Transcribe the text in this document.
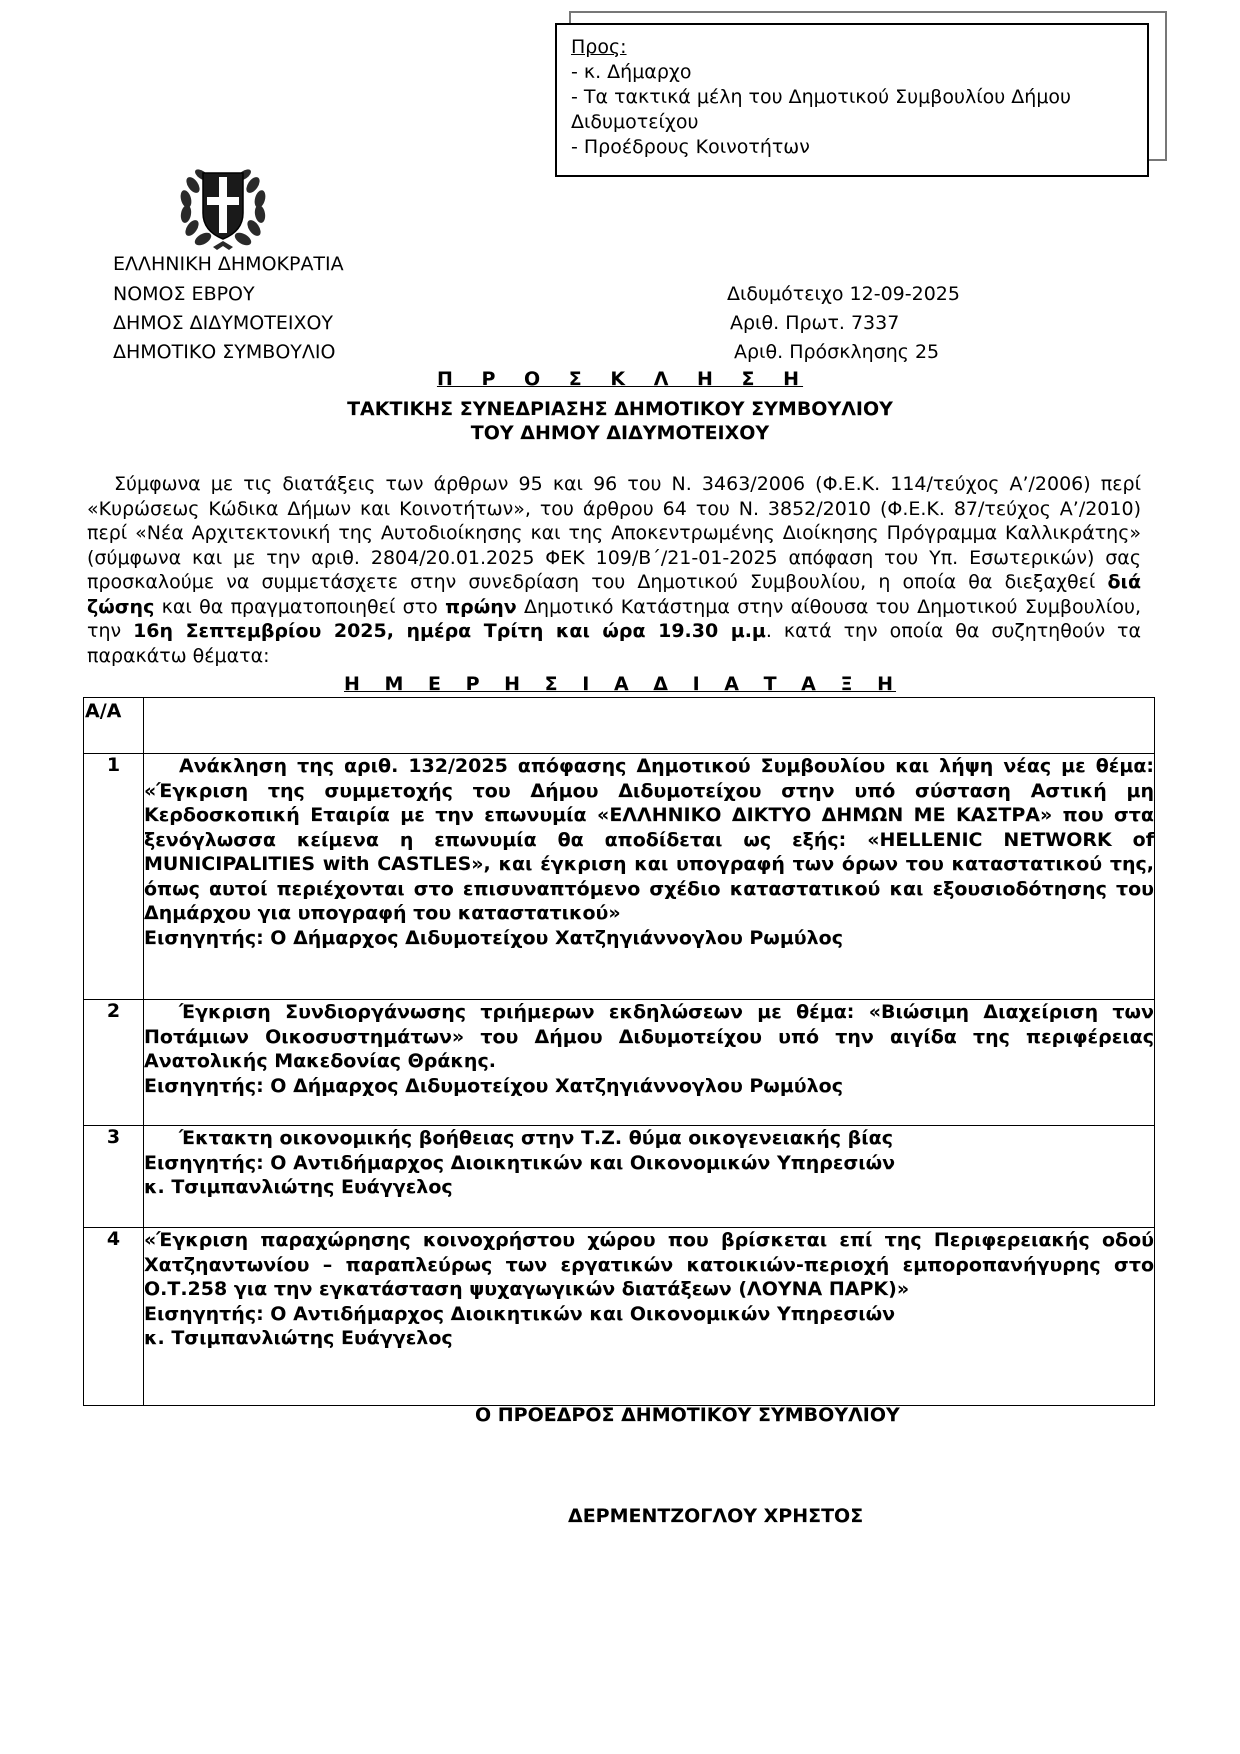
Προς:
- κ. Δήμαρχο
- Τα τακτικά μέλη του Δημοτικού Συμβουλίου Δήμου
Διδυμοτείχου
- Προέδρους Κοινοτήτων
ΕΛΛΗΝΙΚΗ ΔΗΜΟΚΡΑΤΙΑ
ΝΟΜΟΣ ΕΒΡΟΥ
ΔΗΜΟΣ ΔΙΔΥΜΟΤΕΙΧΟΥ
ΔΗΜΟΤΙΚΟ ΣΥΜΒΟΥΛΙΟ
Διδυμότειχο 12-09-2025
Αριθ. Πρωτ. 7337
Αριθ. Πρόσκλησης 25
Π Ρ Ο Σ Κ Λ Η Σ Η
ΤΑΚΤΙΚΗΣ ΣΥΝΕΔΡΙΑΣΗΣ ΔΗΜΟΤΙΚΟΥ ΣΥΜΒΟΥΛΙΟΥ
ΤΟΥ ΔΗΜΟΥ ΔΙΔΥΜΟΤΕΙΧΟΥ
Σύμφωνα με τις διατάξεις των άρθρων 95 και 96 του Ν. 3463/2006 (Φ.Ε.Κ. 114/τεύχος Α’/2006) περί «Κυρώσεως Κώδικα Δήμων και Κοινοτήτων», του άρθρου 64 του Ν. 3852/2010 (Φ.Ε.Κ. 87/τεύχος Α’/2010) περί «Νέα Αρχιτεκτονική της Αυτοδιοίκησης και της Αποκεντρωμένης Διοίκησης Πρόγραμμα Καλλικράτης» (σύμφωνα και με την αριθ. 2804/20.01.2025 ΦΕΚ 109/Β΄/21-01-2025 απόφαση του Υπ. Εσωτερικών) σας προσκαλούμε να συμμετάσχετε στην συνεδρίαση του Δημοτικού Συμβουλίου, η οποία θα διεξαχθεί διά ζώσης και θα πραγματοποιηθεί στο πρώην Δημοτικό Κατάστημα στην αίθουσα του Δημοτικού Συμβουλίου, την 16η Σεπτεμβρίου 2025, ημέρα Τρίτη και ώρα 19.30 μ.μ. κατά την οποία θα συζητηθούν τα παρακάτω θέματα:
Η Μ Ε Ρ Η Σ Ι Α Δ Ι Α Τ Α Ξ Η
Α/Α	
1	Ανάκληση της αριθ. 132/2025 απόφασης Δημοτικού Συμβουλίου και λήψη νέας με θέμα: «Έγκριση της συμμετοχής του Δήμου Διδυμοτείχου στην υπό σύσταση Αστική μη Κερδοσκοπική Εταιρία με την επωνυμία «ΕΛΛΗΝΙΚΟ ΔΙΚΤΥΟ ΔΗΜΩΝ ΜΕ ΚΑΣΤΡΑ» που στα ξενόγλωσσα κείμενα η επωνυμία θα αποδίδεται ως εξής: «HELLENIC NETWORK of MUNICIPALITIES with CASTLES», και έγκριση και υπογραφή των όρων του καταστατικού της, όπως αυτοί περιέχονται στο επισυναπτόμενο σχέδιο καταστατικού και εξουσιοδότησης του Δημάρχου για υπογραφή του καταστατικού»
Εισηγητής: Ο Δήμαρχος Διδυμοτείχου Χατζηγιάννογλου Ρωμύλος

2	Έγκριση Συνδιοργάνωσης τριήμερων εκδηλώσεων με θέμα: «Βιώσιμη Διαχείριση των Ποτάμιων Οικοσυστημάτων» του Δήμου Διδυμοτείχου υπό την αιγίδα της περιφέρειας Ανατολικής Μακεδονίας Θράκης.
Εισηγητής: Ο Δήμαρχος Διδυμοτείχου Χατζηγιάννογλου Ρωμύλος

3	Έκτακτη οικονομικής βοήθειας στην Τ.Ζ. θύμα οικογενειακής βίας
Εισηγητής: Ο Αντιδήμαρχος Διοικητικών και Οικονομικών Υπηρεσιών
κ. Τσιμπανλιώτης Ευάγγελος

4	«Έγκριση παραχώρησης κοινοχρήστου χώρου που βρίσκεται επί της Περιφερειακής οδού Χατζηαντωνίου – παραπλεύρως των εργατικών κατοικιών-περιοχή εμποροπανήγυρης στο Ο.Τ.258 για την εγκατάσταση ψυχαγωγικών διατάξεων (ΛΟΥΝΑ ΠΑΡΚ)»
Εισηγητής: Ο Αντιδήμαρχος Διοικητικών και Οικονομικών Υπηρεσιών
κ. Τσιμπανλιώτης Ευάγγελος
Ο ΠΡΟΕΔΡΟΣ ΔΗΜΟΤΙΚΟΥ ΣΥΜΒΟΥΛΙΟΥ
ΔΕΡΜΕΝΤΖΟΓΛΟΥ ΧΡΗΣΤΟΣ
